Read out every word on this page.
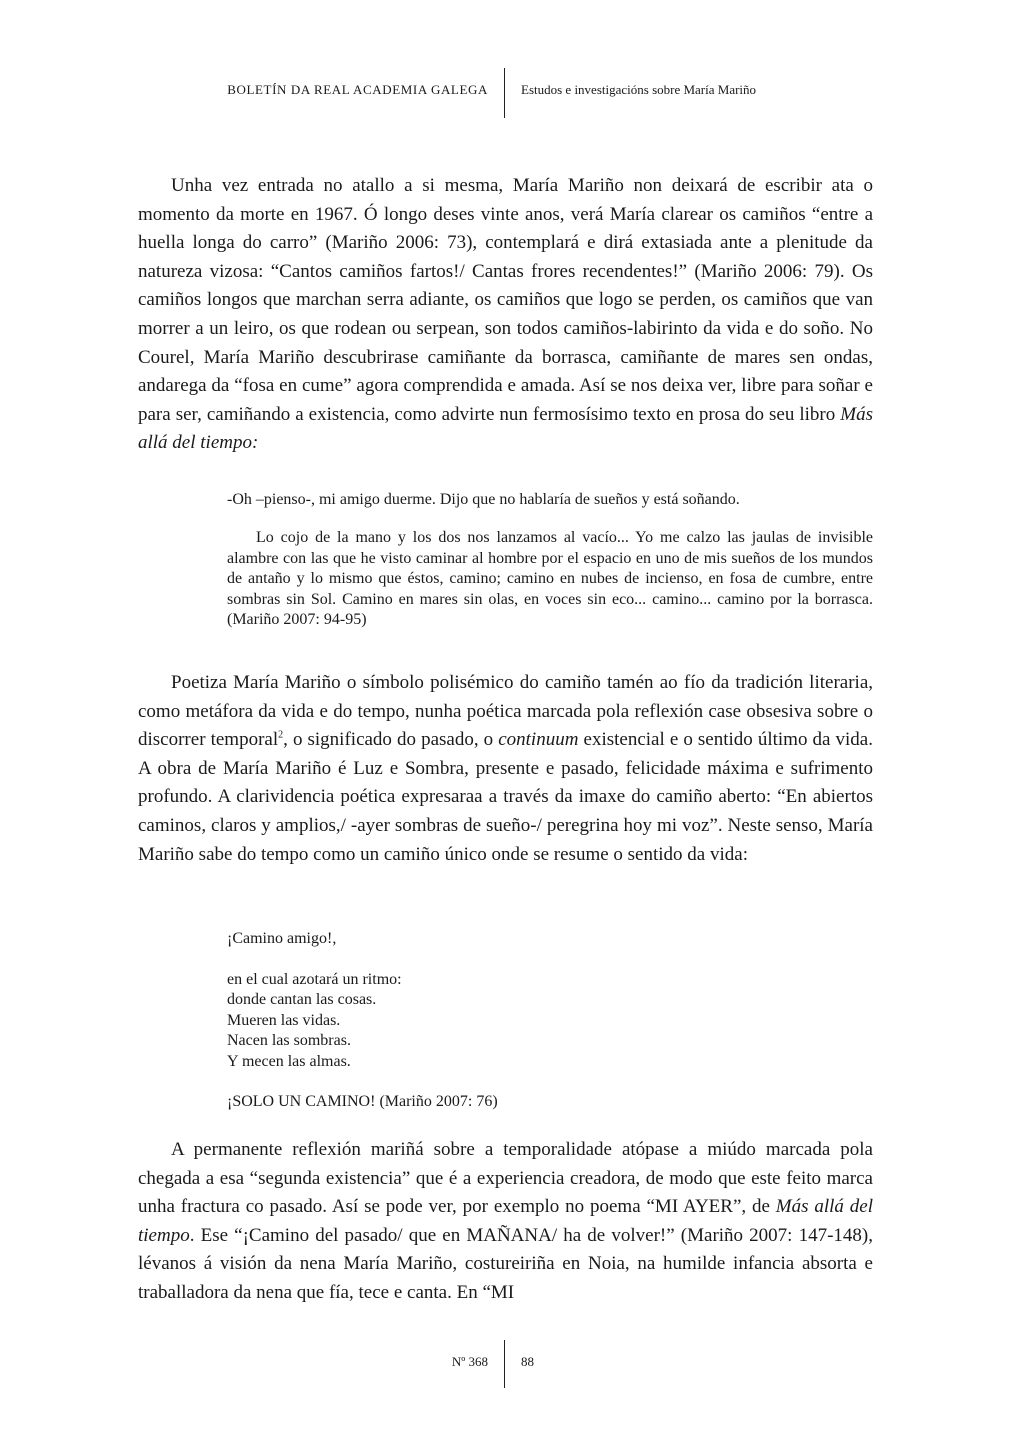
BOLETÍN DA REAL ACADEMIA GALEGA	Estudos e investigacións sobre María Mariño

Unha vez entrada no atallo a si mesma, María Mariño non deixará de escribir ata o momento da morte en 1967. Ó longo deses vinte anos, verá María clarear os camiños “entre a huella longa do carro” (Mariño 2006: 73), contemplará e dirá extasiada ante a plenitude da natureza vizosa: “Cantos camiños fartos!/ Cantas frores recendentes!” (Mariño 2006: 79). Os camiños longos que marchan serra adiante, os camiños que logo se perden, os camiños que van morrer a un leiro, os que rodean ou serpean, son todos camiños-labirinto da vida e do soño. No Courel, María Mariño descubrirase camiñante da borrasca, camiñante de mares sen ondas, andarega da “fosa en cume” agora comprendida e amada. Así se nos deixa ver, libre para soñar e para ser, camiñando a existencia, como advirte nun fermosísimo texto en prosa do seu libro Más allá del tiempo:

-Oh –pienso-, mi amigo duerme. Dijo que no hablaría de sueños y está soñando.

Lo cojo de la mano y los dos nos lanzamos al vacío... Yo me calzo las jaulas de invisible alambre con las que he visto caminar al hombre por el espacio en uno de mis sueños de los mundos de antaño y lo mismo que éstos, camino; camino en nubes de incienso, en fosa de cumbre, entre sombras sin Sol. Camino en mares sin olas, en voces sin eco... camino... camino por la borrasca. (Mariño 2007: 94-95)

Poetiza María Mariño o símbolo polisémico do camiño tamén ao fío da tradición literaria, como metáfora da vida e do tempo, nunha poética marcada pola reflexión case obsesiva sobre o discorrer temporal$^2$, o significado do pasado, o continuum existencial e o sentido último da vida. A obra de María Mariño é Luz e Sombra, presente e pasado, felicidade máxima e sufrimento profundo. A clarividencia poética expresaraa a través da imaxe do camiño aberto: “En abiertos caminos, claros y amplios,/ -ayer sombras de sueño-/ peregrina hoy mi voz”. Neste senso, María Mariño sabe do tempo como un camiño único onde se resume o sentido da vida:

¡Camino amigo!,
en el cual azotará un ritmo:
donde cantan las cosas.
Mueren las vidas.
Nacen las sombras.
Y mecen las almas.
¡SOLO UN CAMINO! (Mariño 2007: 76)

A permanente reflexión mariñá sobre a temporalidade atópase a miúdo marcada pola chegada a esa “segunda existencia” que é a experiencia creadora, de modo que este feito marca unha fractura co pasado. Así se pode ver, por exemplo no poema “MI AYER”, de Más allá del tiempo. Ese “¡Camino del pasado/ que en MAÑANA/ ha de volver!” (Mariño 2007: 147-148), lévanos á visión da nena María Mariño, costureiriña en Noia, na humilde infancia absorta e traballadora da nena que fía, tece e canta. En “MI

Nº 368	88
